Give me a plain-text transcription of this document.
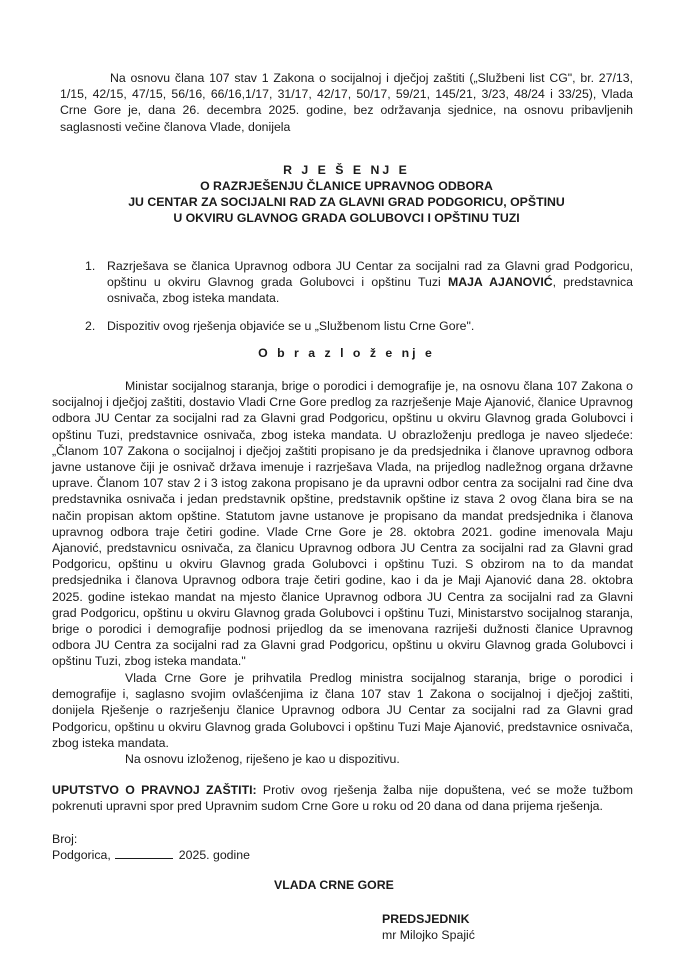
Na osnovu člana 107 stav 1 Zakona o socijalnoj i dječjoj zaštiti („Službeni list CG", br. 27/13, 1/15, 42/15, 47/15, 56/16, 66/16,1/17, 31/17, 42/17, 50/17, 59/21, 145/21, 3/23, 48/24 i 33/25), Vlada Crne Gore je, dana 26. decembra 2025. godine, bez održavanja sjednice, na osnovu pribavljenih saglasnosti večine članova Vlade, donijela
R J E Š E NJ E
O RAZRJEŠENJU ČLANICE UPRAVNOG ODBORA
JU CENTAR ZA SOCIJALNI RAD ZA GLAVNI GRAD PODGORICU, OPŠTINU
U OKVIRU GLAVNOG GRADA GOLUBOVCI I OPŠTINU TUZI
1. Razrješava se članica Upravnog odbora JU Centar za socijalni rad za Glavni grad Podgoricu, opštinu u okviru Glavnog grada Golubovci i opštinu Tuzi MAJA AJANOVIĆ, predstavnica osnivača, zbog isteka mandata.
2. Dispozitiv ovog rješenja objaviće se u „Službenom listu Crne Gore".
O b r a z l o ž e nj e
Ministar socijalnog staranja, brige o porodici i demografije je, na osnovu člana 107 Zakona o socijalnoj i dječjoj zaštiti, dostavio Vladi Crne Gore predlog za razrješenje Maje Ajanović, članice Upravnog odbora JU Centar za socijalni rad za Glavni grad Podgoricu, opštinu u okviru Glavnog grada Golubovci i opštinu Tuzi, predstavnice osnivača, zbog isteka mandata. U obrazloženju predloga je naveo sljedeće: „Članom 107 Zakona o socijalnoj i dječjoj zaštiti propisano je da predsjednika i članove upravnog odbora javne ustanove čiji je osnivač država imenuje i razrješava Vlada, na prijedlog nadležnog organa državne uprave. Članom 107 stav 2 i 3 istog zakona propisano je da upravni odbor centra za socijalni rad čine dva predstavnika osnivača i jedan predstavnik opštine, predstavnik opštine iz stava 2 ovog člana bira se na način propisan aktom opštine. Statutom javne ustanove je propisano da mandat predsjednika i članova upravnog odbora traje četiri godine. Vlade Crne Gore je 28. oktobra 2021. godine imenovala Maju Ajanović, predstavnicu osnivača, za članicu Upravnog odbora JU Centra za socijalni rad za Glavni grad Podgoricu, opštinu u okviru Glavnog grada Golubovci i opštinu Tuzi. S obzirom na to da mandat predsjednika i članova Upravnog odbora traje četiri godine, kao i da je Maji Ajanović dana 28. oktobra 2025. godine istekao mandat na mjesto članice Upravnog odbora JU Centra za socijalni rad za Glavni grad Podgoricu, opštinu u okviru Glavnog grada Golubovci i opštinu Tuzi, Ministarstvo socijalnog staranja, brige o porodici i demografije podnosi prijedlog da se imenovana razriješi dužnosti članice Upravnog odbora JU Centra za socijalni rad za Glavni grad Podgoricu, opštinu u okviru Glavnog grada Golubovci i opštinu Tuzi, zbog isteka mandata."
Vlada Crne Gore je prihvatila Predlog ministra socijalnog staranja, brige o porodici i demografije i, saglasno svojim ovlašćenjima iz člana 107 stav 1 Zakona o socijalnoj i dječjoj zaštiti, donijela Rješenje o razrješenju članice Upravnog odbora JU Centar za socijalni rad za Glavni grad Podgoricu, opštinu u okviru Glavnog grada Golubovci i opštinu Tuzi Maje Ajanović, predstavnice osnivača, zbog isteka mandata.
Na osnovu izloženog, riješeno je kao u dispozitivu.
UPUTSTVO O PRAVNOJ ZAŠTITI: Protiv ovog rješenja žalba nije dopuštena, već se može tužbom pokrenuti upravni spor pred Upravnim sudom Crne Gore u roku od 20 dana od dana prijema rješenja.
Broj:
Podgorica,	2025. godine
VLADA CRNE GORE
PREDSJEDNIK
mr Milojko Spajić
